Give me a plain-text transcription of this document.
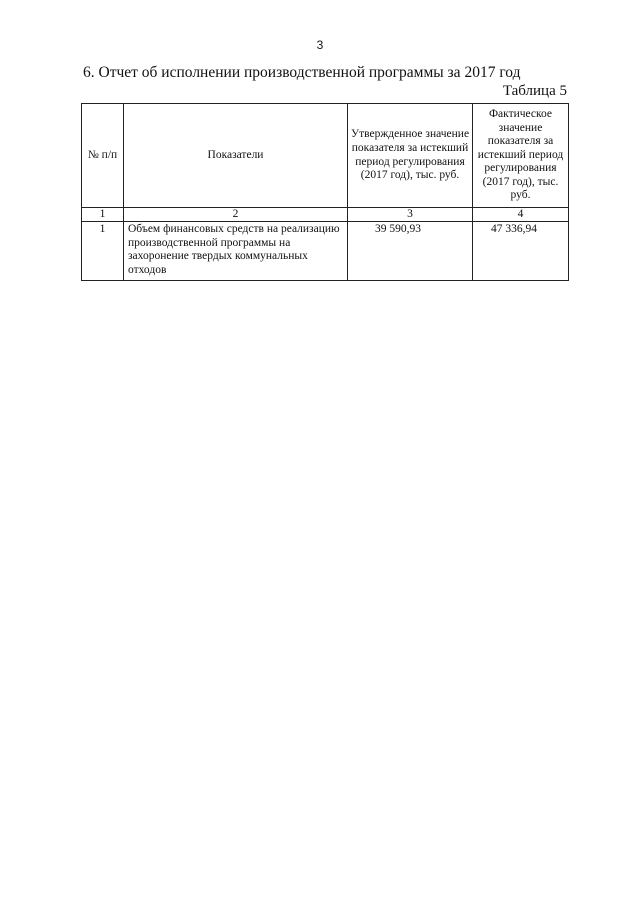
3
6. Отчет об исполнении производственной программы за 2017 год
Таблица 5
№ п/п	Показатели	Утвержденное значение показателя за истекший период регулирования (2017 год), тыс. руб.	Фактическое значение показателя за истекший период регулирования (2017 год), тыс. руб.
1	2	3	4
1	Объем финансовых средств на реализацию производственной программы на захоронение твердых коммунальных отходов	39 590,93	47 336,94
